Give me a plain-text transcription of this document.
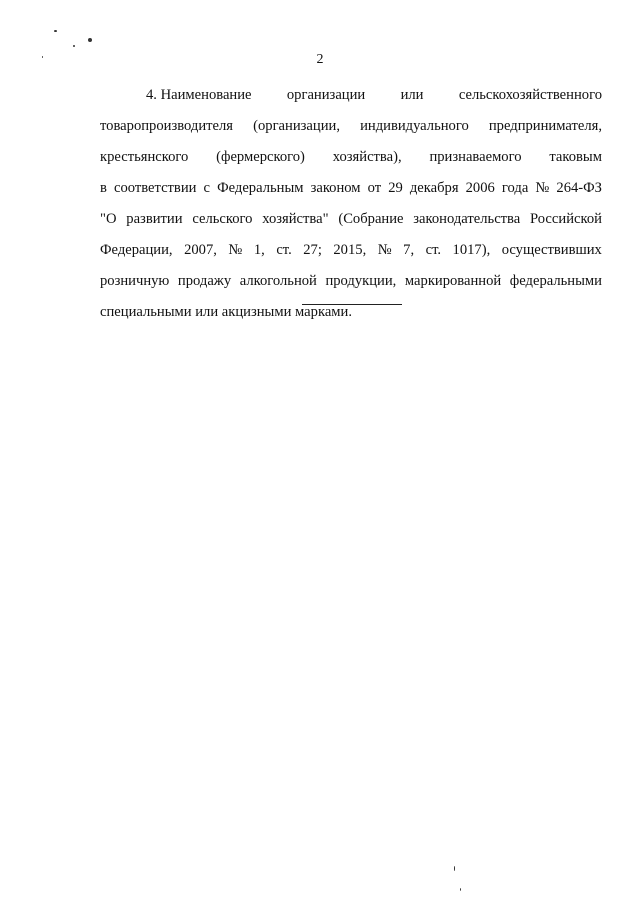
2
4. Наименование организации или сельскохозяйственного
товаропроизводителя (организации, индивидуального предпринимателя,
крестьянского (фермерского) хозяйства), признаваемого таковым
в соответствии с Федеральным законом от 29 декабря 2006 года № 264-ФЗ
"О развитии сельского хозяйства" (Собрание законодательства Российской
Федерации, 2007, № 1, ст. 27; 2015, № 7, ст. 1017), осуществивших
розничную продажу алкогольной продукции, маркированной федеральными
специальными или акцизными марками.
